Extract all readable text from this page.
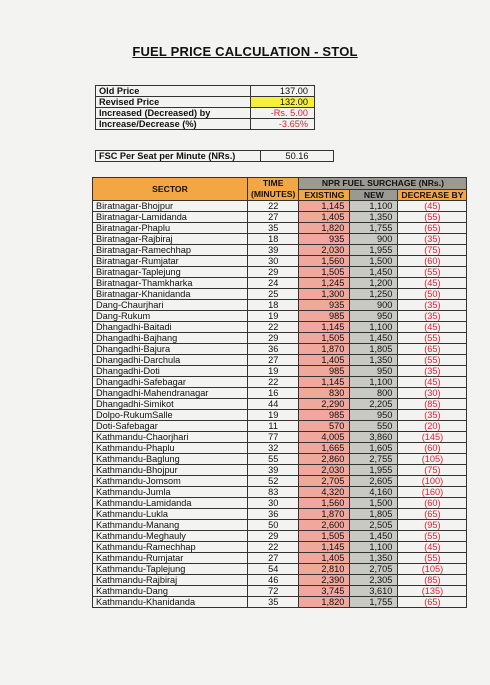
FUEL PRICE CALCULATION - STOL
Old Price	137.00
Revised Price	132.00
Increased (Decreased) by	-Rs. 5.00
Increase/Decrease (%)	-3.65%
FSC Per Seat per Minute (NRs.)	50.16
SECTOR	TIME (MINUTES)	NPR FUEL SURCHAGE (NRs.)		
		EXISTING	NEW	DECREASE BY
Biratnagar-Bhojpur	22	1,145	1,100	(45)
Biratnagar-Lamidanda	27	1,405	1,350	(55)
Biratnagar-Phaplu	35	1,820	1,755	(65)
Biratnagar-Rajbiraj	18	935	900	(35)
Biratnagar-Ramechhap	39	2,030	1,955	(75)
Biratnagar-Rumjatar	30	1,560	1,500	(60)
Biratnagar-Taplejung	29	1,505	1,450	(55)
Biratnagar-Thamkharka	24	1,245	1,200	(45)
Biratnagar-Khanidanda	25	1,300	1,250	(50)
Dang-Chaurjhari	18	935	900	(35)
Dang-Rukum	19	985	950	(35)
Dhangadhi-Baitadi	22	1,145	1,100	(45)
Dhangadhi-Bajhang	29	1,505	1,450	(55)
Dhangadhi-Bajura	36	1,870	1,805	(65)
Dhangadhi-Darchula	27	1,405	1,350	(55)
Dhangadhi-Doti	19	985	950	(35)
Dhangadhi-Safebagar	22	1,145	1,100	(45)
Dhangadhi-Mahendranagar	16	830	800	(30)
Dhangadhi-Simikot	44	2,290	2,205	(85)
Dolpo-RukumSalle	19	985	950	(35)
Doti-Safebagar	11	570	550	(20)
Kathmandu-Chaorjhari	77	4,005	3,860	(145)
Kathmandu-Phaplu	32	1,665	1,605	(60)
Kathmandu-Baglung	55	2,860	2,755	(105)
Kathmandu-Bhojpur	39	2,030	1,955	(75)
Kathmandu-Jomsom	52	2,705	2,605	(100)
Kathmandu-Jumla	83	4,320	4,160	(160)
Kathmandu-Lamidanda	30	1,560	1,500	(60)
Kathmandu-Lukla	36	1,870	1,805	(65)
Kathmandu-Manang	50	2,600	2,505	(95)
Kathmandu-Meghauly	29	1,505	1,450	(55)
Kathmandu-Ramechhap	22	1,145	1,100	(45)
Kathmandu-Rumjatar	27	1,405	1,350	(55)
Kathmandu-Taplejung	54	2,810	2,705	(105)
Kathmandu-Rajbiraj	46	2,390	2,305	(85)
Kathmandu-Dang	72	3,745	3,610	(135)
Kathmandu-Khanidanda	35	1,820	1,755	(65)
